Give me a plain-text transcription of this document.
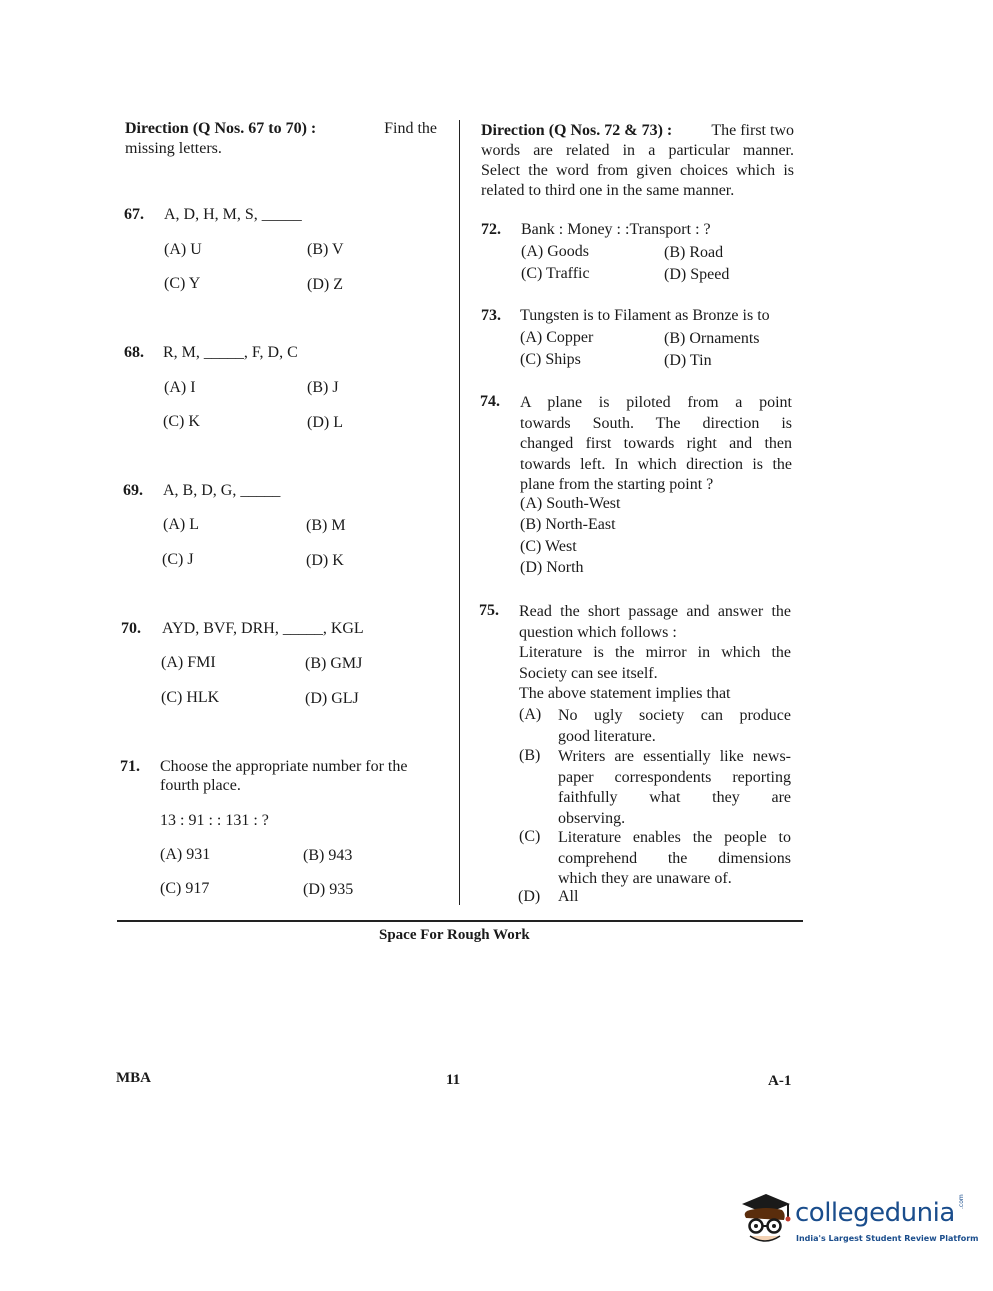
Direction (Q Nos. 67 to 70) :	Find the
missing letters.
67. A, D, H, M, S, _____
(A) U	(B) V
(C) Y	(D) Z
68. R, M, _____, F, D, C
(A) I	(B) J
(C) K	(D) L
69. A, B, D, G, _____
(A) L	(B) M
(C) J	(D) K
70. AYD, BVF, DRH, _____, KGL
(A) FMI	(B) GMJ
(C) HLK	(D) GLJ
71. Choose the appropriate number for the
fourth place.
13 : 91 : : 131 : ?
(A) 931	(B) 943
(C) 917	(D) 935
Direction (Q Nos. 72 & 73) : The first two
words are related in a particular manner.
Select the word from given choices which is
related to third one in the same manner.
72. Bank : Money : :Transport : ?
(A) Goods	(B) Road
(C) Traffic	(D) Speed
73. Tungsten is to Filament as Bronze is to
(A) Copper	(B) Ornaments
(C) Ships	(D) Tin
74. A plane is piloted from a point
towards South. The direction is
changed first towards right and then
towards left. In which direction is the
plane from the starting point ?
(A) South-West
(B) North-East
(C) West
(D) North
75. Read the short passage and answer the
question which follows :
Literature is the mirror in which the
Society can see itself.
The above statement implies that
(A) No ugly society can produce
good literature.
(B) Writers are essentially like news-
paper correspondents reporting
faithfully what they are
observing.
(C) Literature enables the people to
comprehend the dimensions
which they are unaware of.
(D) All
Space For Rough Work
MBA	11	A-1
collegedunia .com
India's Largest Student Review Platform
